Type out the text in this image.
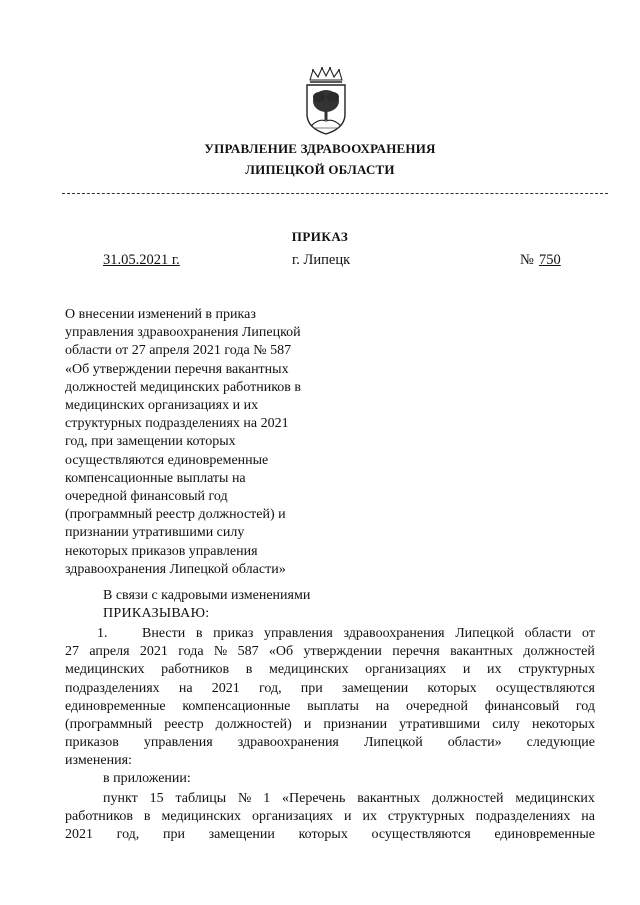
УПРАВЛЕНИЕ ЗДРАВООХРАНЕНИЯ
ЛИПЕЦКОЙ ОБЛАСТИ
ПРИКАЗ
31.05.2021 г.	г. Липецк	№ 750
О внесении изменений в приказ
управления здравоохранения Липецкой
области от 27 апреля 2021 года № 587
«Об утверждении перечня вакантных
должностей медицинских работников в
медицинских организациях и их
структурных подразделениях на 2021
год, при замещении которых
осуществляются единовременные
компенсационные выплаты на
очередной финансовый год
(программный реестр должностей) и
признании утратившими силу
некоторых приказов управления
здравоохранения Липецкой области»
В связи с кадровыми изменениями
ПРИКАЗЫВАЮ:
1.	Внести в приказ управления здравоохранения Липецкой области от
27 апреля 2021 года № 587 «Об утверждении перечня вакантных должностей
медицинских работников в медицинских организациях и их структурных
подразделениях на 2021 год, при замещении которых осуществляются
единовременные компенсационные выплаты на очередной финансовый год
(программный реестр должностей) и признании утратившими силу некоторых
приказов управления здравоохранения Липецкой области» следующие
изменения:
в приложении:
пункт 15 таблицы № 1 «Перечень вакантных должностей медицинских
работников в медицинских организациях и их структурных подразделениях на
2021 год, при замещении которых осуществляются единовременные
